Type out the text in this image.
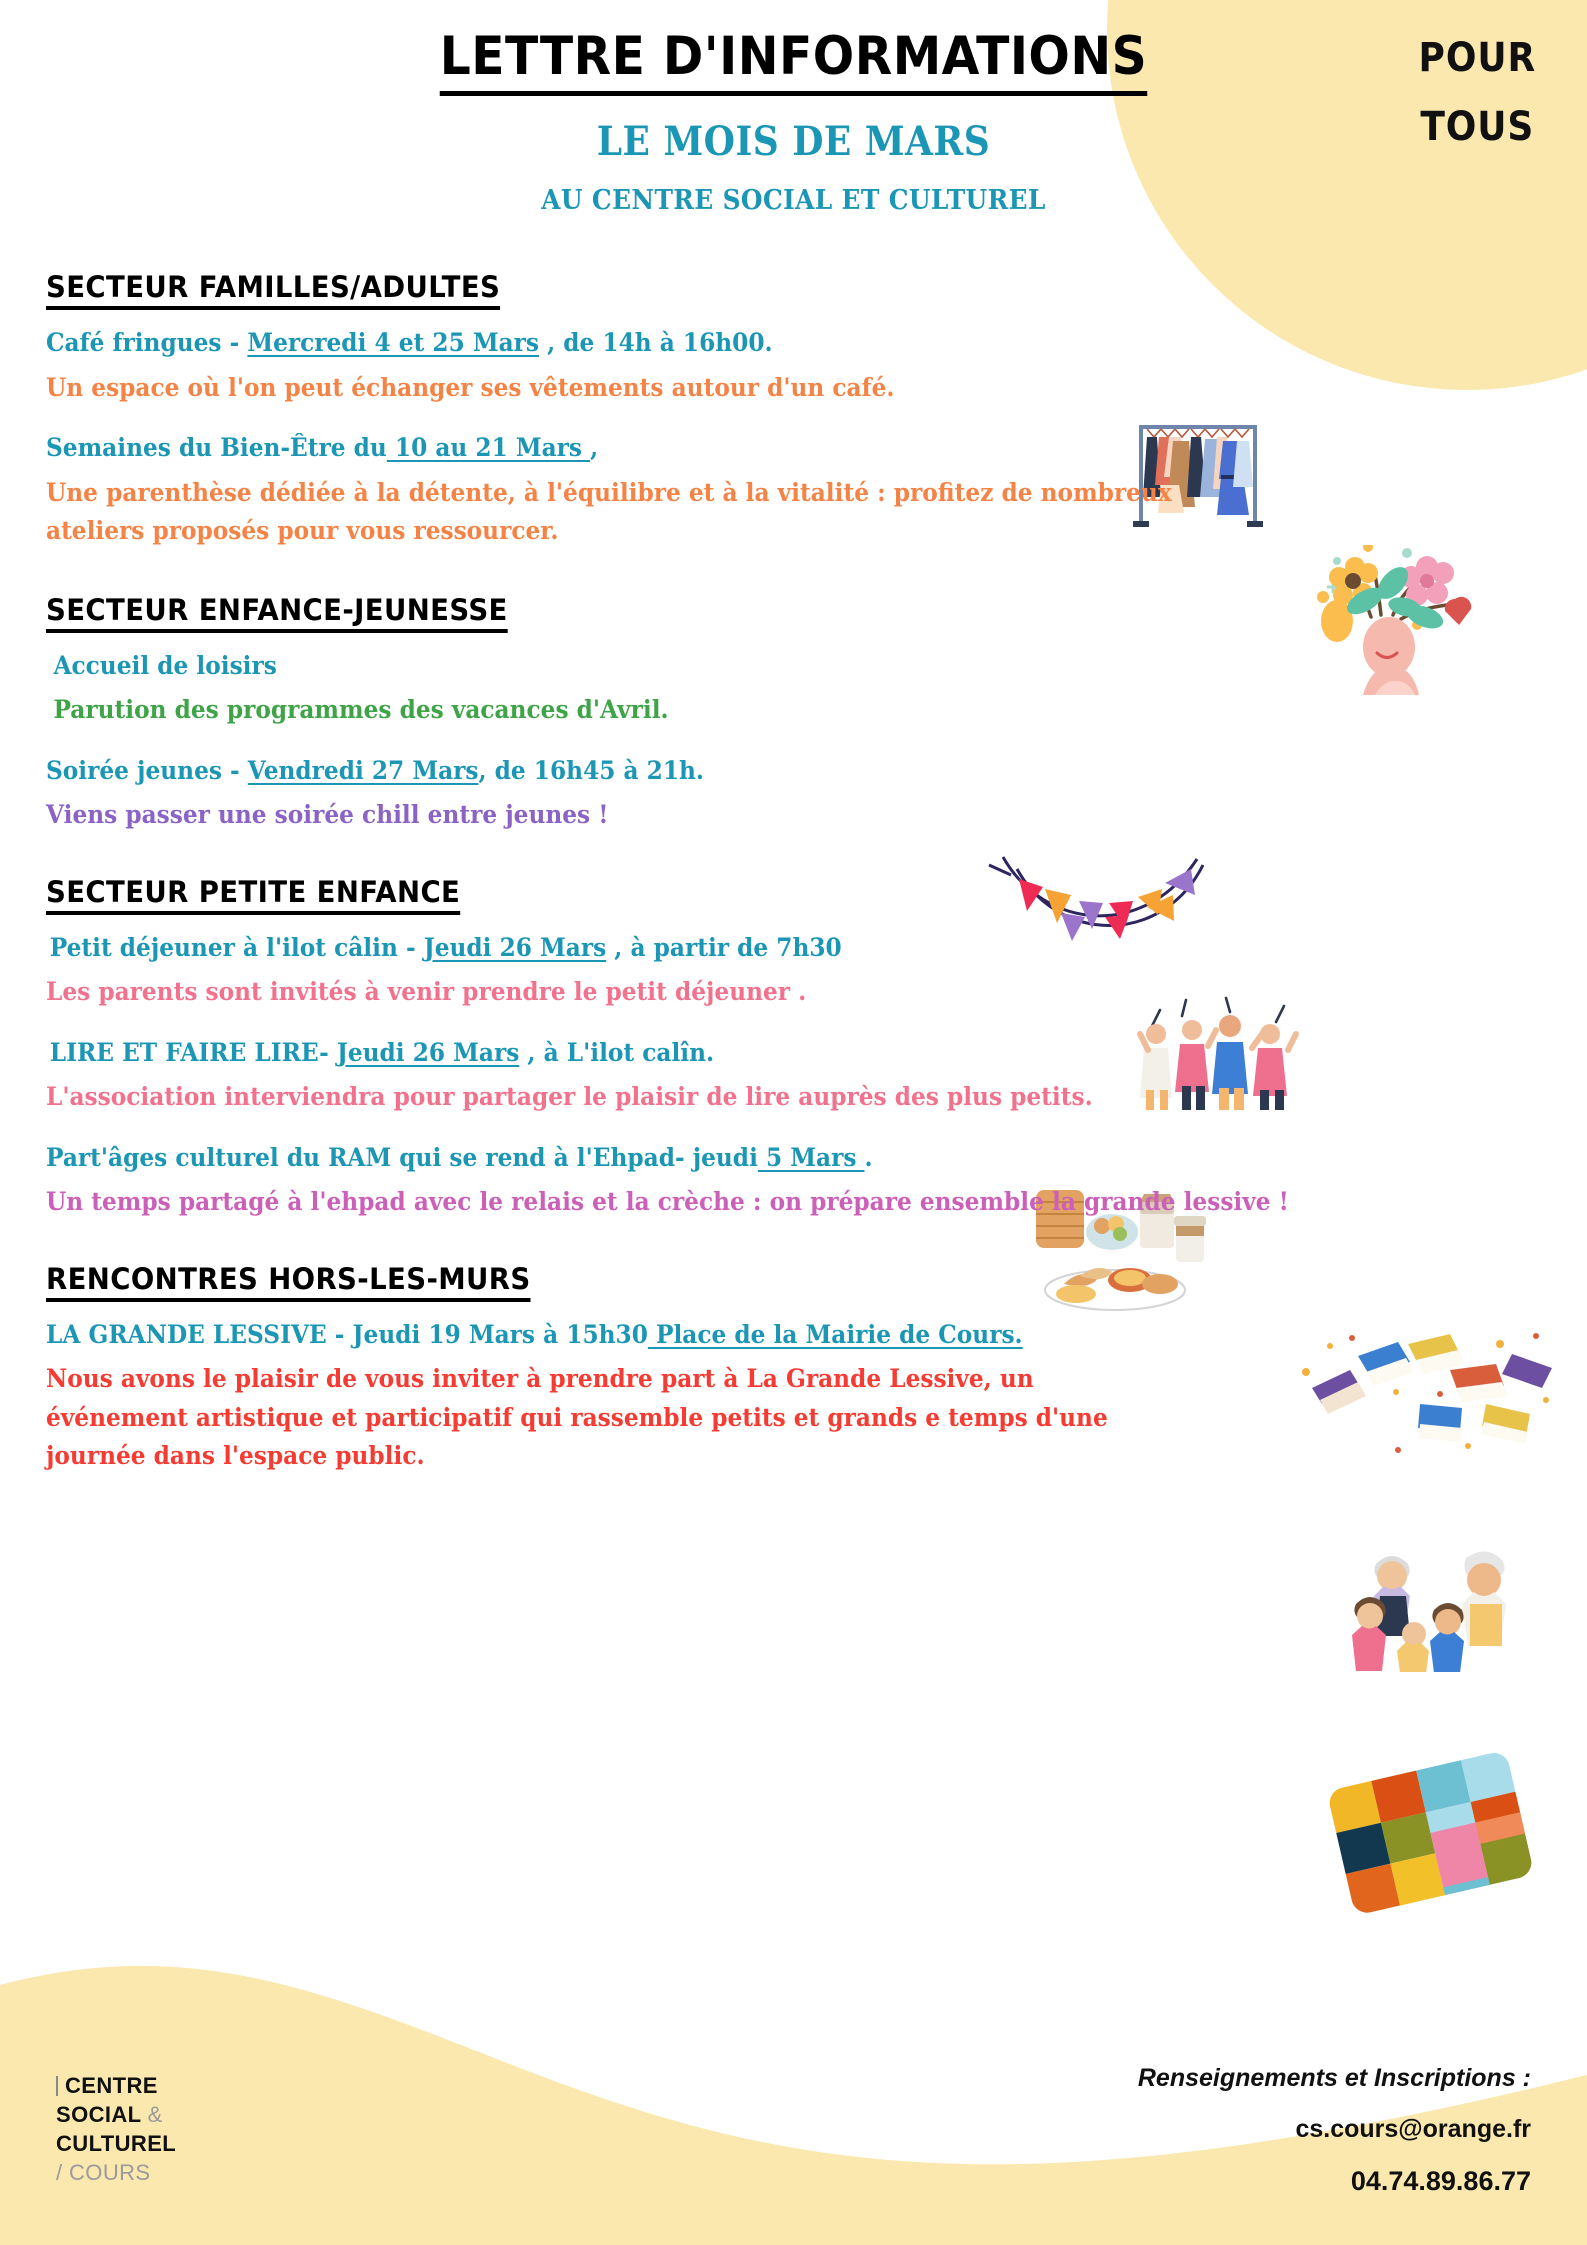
LETTRE D'INFORMATIONS
LE MOIS DE MARS
AU CENTRE SOCIAL ET CULTUREL
POUR
TOUS
SECTEUR FAMILLES/ADULTES

Café fringues - Mercredi 4 et 25 Mars , de 14h à 16h00.

Un espace où l'on peut échanger ses vêtements autour d'un café.

Semaines du Bien-Être du 10 au 21 Mars ,

Une parenthèse dédiée à la détente, à l'équilibre et à la vitalité : profitez de nombreux ateliers proposés pour vous ressourcer.

SECTEUR ENFANCE-JEUNESSE

Accueil de loisirs

Parution des programmes des vacances d'Avril.

Soirée jeunes - Vendredi 27 Mars, de 16h45 à 21h.

Viens passer une soirée chill entre jeunes !

SECTEUR PETITE ENFANCE

Petit déjeuner à l'ilot câlin - Jeudi 26 Mars , à partir de 7h30

Les parents sont invités à venir prendre le petit déjeuner .

LIRE ET FAIRE LIRE- Jeudi 26 Mars , à L'ilot calîn.

L'association interviendra pour partager le plaisir de lire auprès des plus petits.

Part'âges culturel du RAM qui se rend à l'Ehpad- jeudi 5 Mars .

Un temps partagé à l'ehpad avec le relais et la crèche : on prépare ensemble la grande lessive !

RENCONTRES HORS-LES-MURS

LA GRANDE LESSIVE - Jeudi 19 Mars à 15h30 Place de la Mairie de Cours.

Nous avons le plaisir de vous inviter à prendre part à La Grande Lessive, un événement artistique et participatif qui rassemble petits et grands e temps d'une journée dans l'espace public.

CENTRE
SOCIAL &
CULTUREL
/ COURS
Renseignements et Inscriptions :
cs.cours@orange.fr
04.74.89.86.77
